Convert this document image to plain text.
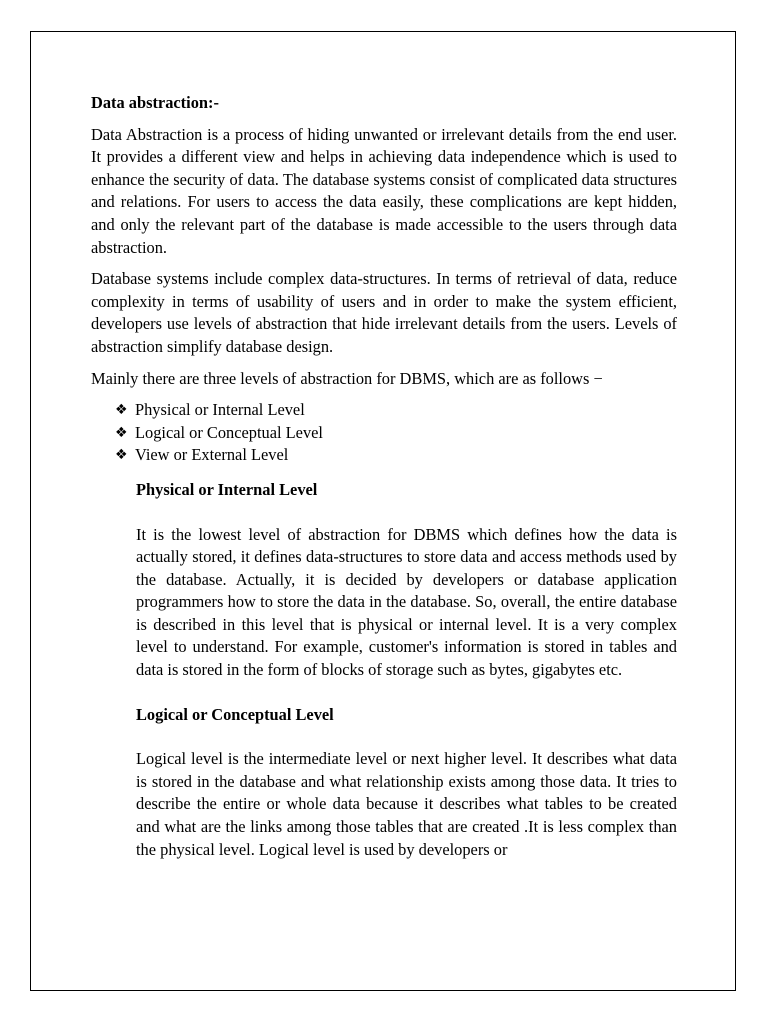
Data abstraction:-

Data Abstraction is a process of hiding unwanted or irrelevant details from the end user. It provides a different view and helps in achieving data independence which is used to enhance the security of data. The database systems consist of complicated data structures and relations. For users to access the data easily, these complications are kept hidden, and only the relevant part of the database is made accessible to the users through data abstraction.

Database systems include complex data-structures. In terms of retrieval of data, reduce complexity in terms of usability of users and in order to make the system efficient, developers use levels of abstraction that hide irrelevant details from the users. Levels of abstraction simplify database design.

Mainly there are three levels of abstraction for DBMS, which are as follows −

❖ Physical or Internal Level
❖ Logical or Conceptual Level
❖ View or External Level
Physical or Internal Level

It is the lowest level of abstraction for DBMS which defines how the data is actually stored, it defines data-structures to store data and access methods used by the database. Actually, it is decided by developers or database application programmers how to store the data in the database. So, overall, the entire database is described in this level that is physical or internal level. It is a very complex level to understand. For example, customer's information is stored in tables and data is stored in the form of blocks of storage such as bytes, gigabytes etc.

Logical or Conceptual Level

Logical level is the intermediate level or next higher level. It describes what data is stored in the database and what relationship exists among those data. It tries to describe the entire or whole data because it describes what tables to be created and what are the links among those tables that are created .It is less complex than the physical level. Logical level is used by developers or
